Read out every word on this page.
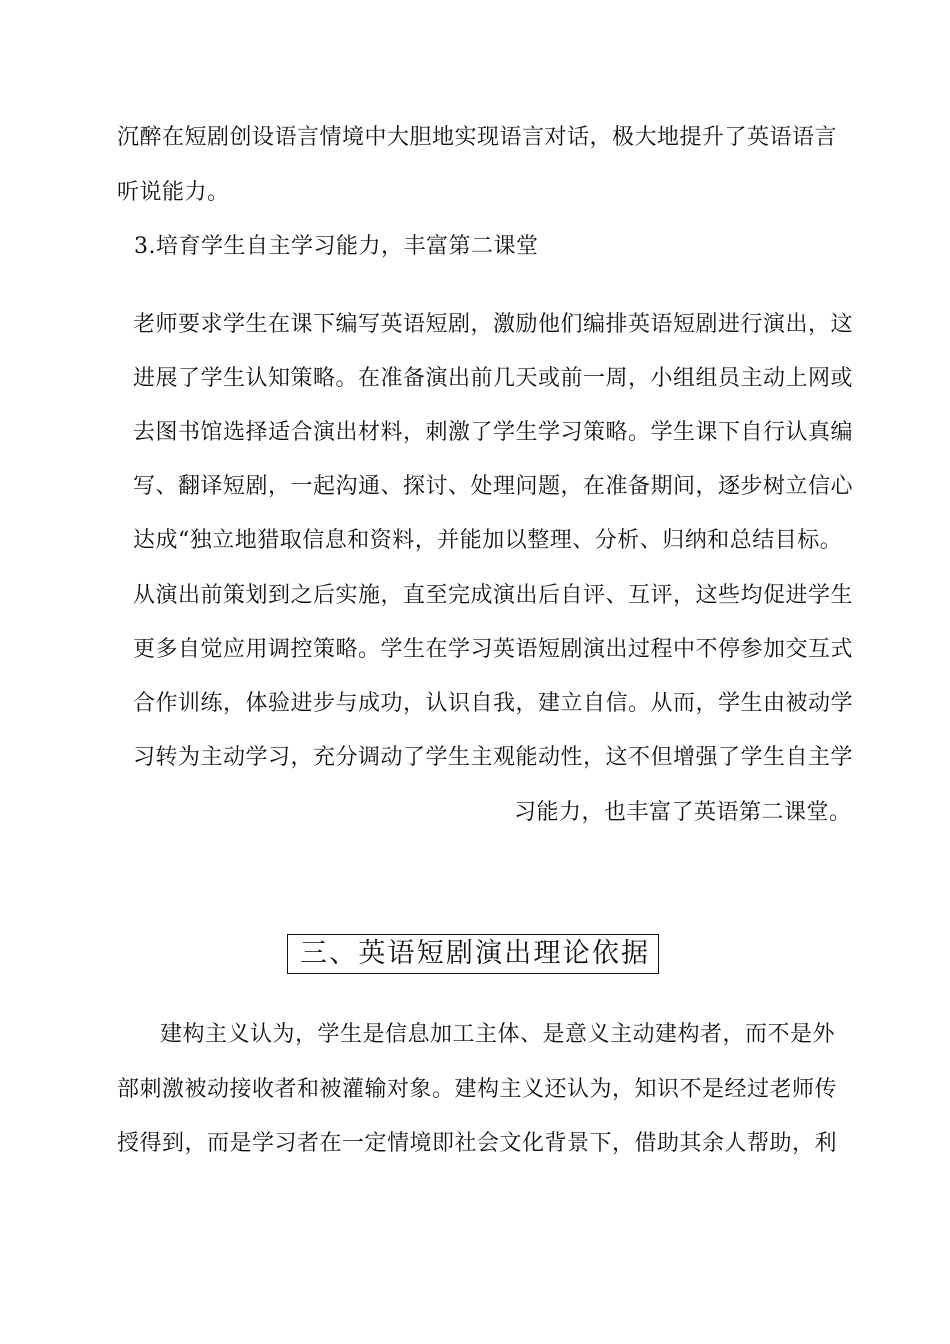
沉醉在短剧创设语言情境中大胆地实现语言对话，极大地提升了英语语言
听说能力。
3.培育学生自主学习能力，丰富第二课堂
老师要求学生在课下编写英语短剧，激励他们编排英语短剧进行演出，这
进展了学生认知策略。在准备演出前几天或前一周，小组组员主动上网或
去图书馆选择适合演出材料，刺激了学生学习策略。学生课下自行认真编
写、翻译短剧，一起沟通、探讨、处理问题，在准备期间，逐步树立信心
达成“独立地猎取信息和资料，并能加以整理、分析、归纳和总结目标。
从演出前策划到之后实施，直至完成演出后自评、互评，这些均促进学生
更多自觉应用调控策略。学生在学习英语短剧演出过程中不停参加交互式
合作训练，体验进步与成功，认识自我，建立自信。从而，学生由被动学
习转为主动学习，充分调动了学生主观能动性，这不但增强了学生自主学
习能力，也丰富了英语第二课堂。
三、英语短剧演出理论依据
建构主义认为，学生是信息加工主体、是意义主动建构者，而不是外
部刺激被动接收者和被灌输对象。建构主义还认为，知识不是经过老师传
授得到，而是学习者在一定情境即社会文化背景下，借助其余人帮助，利
